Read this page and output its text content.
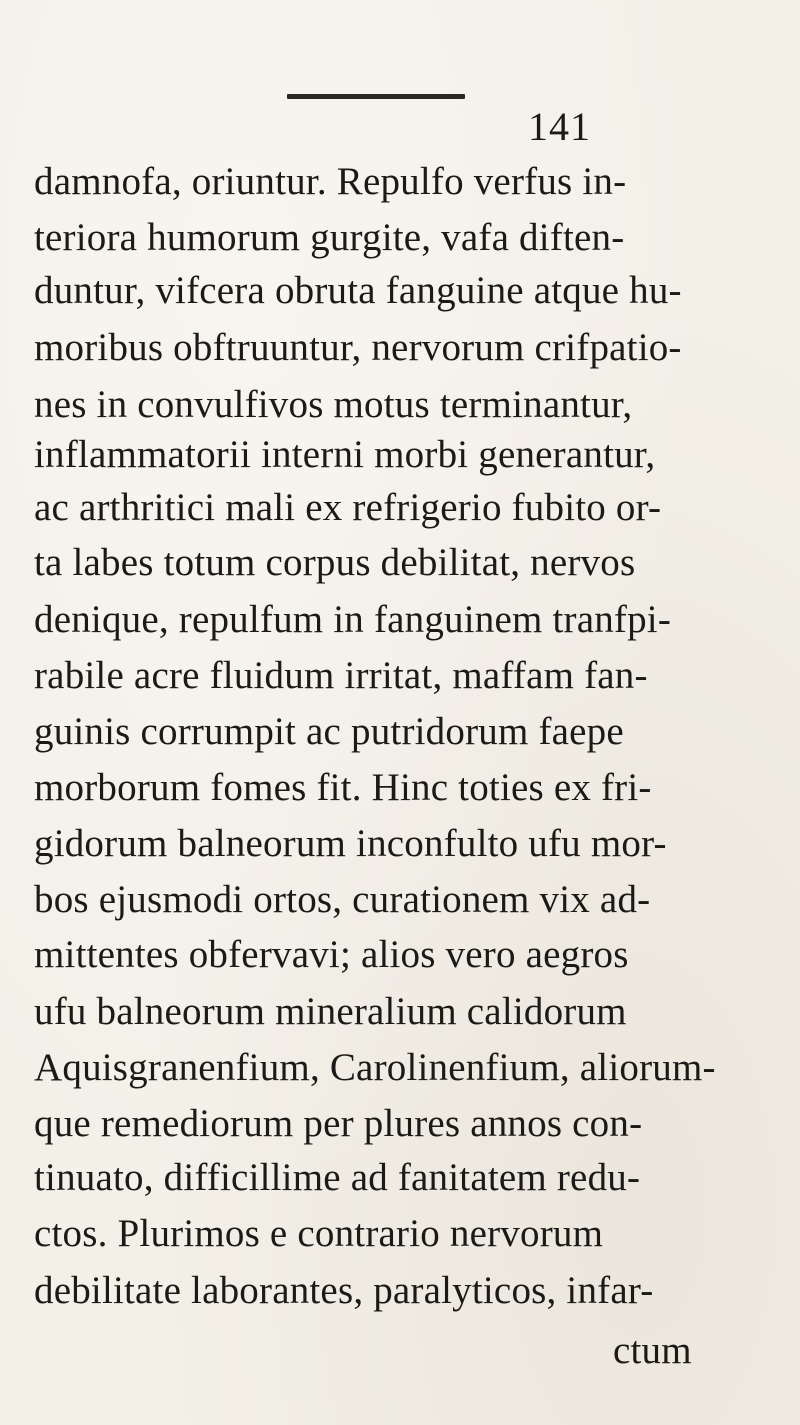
141
damnofa, oriuntur. Repulfo verfus in-
teriora humorum gurgite, vafa diften-
duntur, vifcera obruta fanguine atque hu-
moribus obftruuntur, nervorum crifpatio-
nes in convulfivos motus terminantur,
inflammatorii interni morbi generantur,
ac arthritici mali ex refrigerio fubito or-
ta labes totum corpus debilitat, nervos
denique, repulfum in fanguinem tranfpi-
rabile acre fluidum irritat, maffam fan-
guinis corrumpit ac putridorum faepe
morborum fomes fit. Hinc toties ex fri-
gidorum balneorum inconfulto ufu mor-
bos ejusmodi ortos, curationem vix ad-
mittentes obfervavi; alios vero aegros
ufu balneorum mineralium calidorum
Aquisgranenfium, Carolinenfium, aliorum-
que remediorum per plures annos con-
tinuato, difficillime ad fanitatem redu-
ctos. Plurimos e contrario nervorum
debilitate laborantes, paralyticos, infar-
ctum
